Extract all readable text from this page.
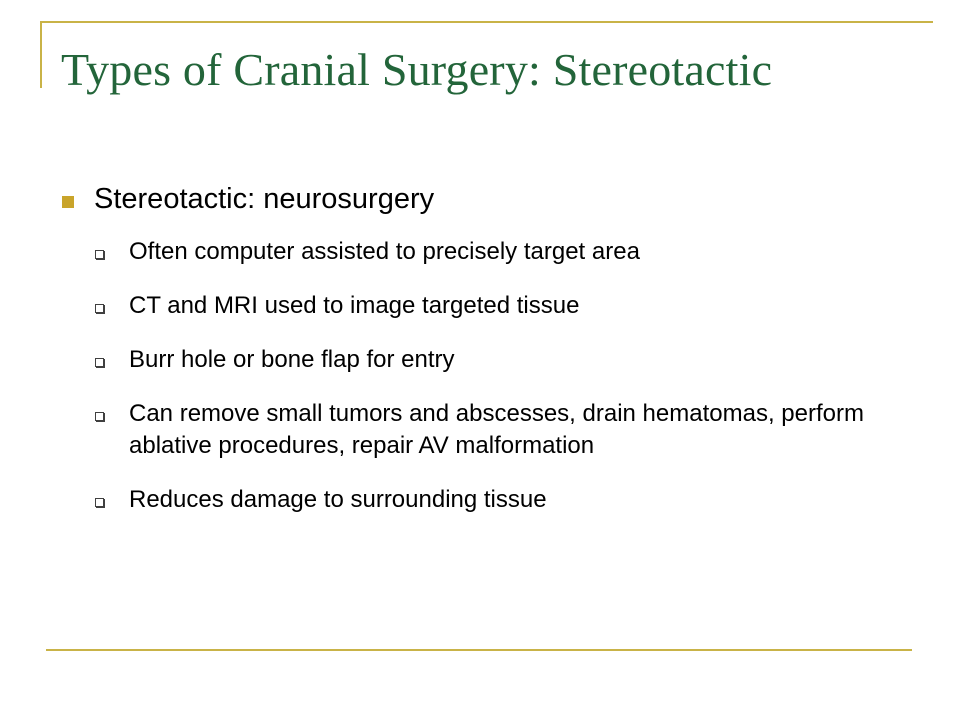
Types of Cranial Surgery: Stereotactic
Stereotactic: neurosurgery
Often computer assisted to precisely target area
CT and MRI used to image targeted tissue
Burr hole or bone flap for entry
Can remove small tumors and abscesses, drain hematomas, perform ablative procedures, repair AV malformation
Reduces damage to surrounding tissue
